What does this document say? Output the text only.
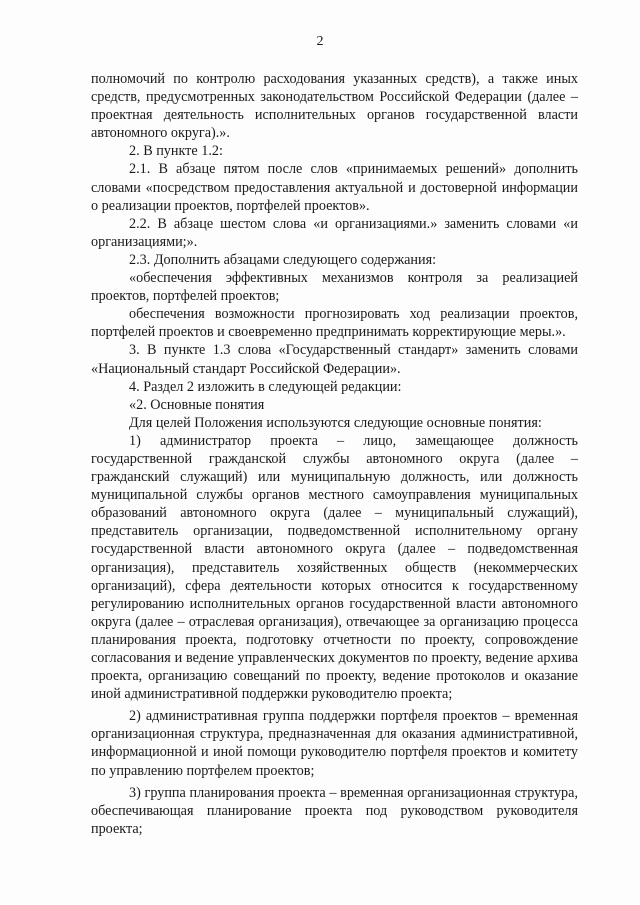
2

полномочий по контролю расходования указанных средств), а также иных средств, предусмотренных законодательством Российской Федерации (далее – проектная деятельность исполнительных органов государственной власти автономного округа).».

2. В пункте 1.2:

2.1. В абзаце пятом после слов «принимаемых решений» дополнить словами «посредством предоставления актуальной и достоверной информации о реализации проектов, портфелей проектов».

2.2. В абзаце шестом слова «и организациями.» заменить словами «и организациями;».

2.3. Дополнить абзацами следующего содержания:

«обеспечения эффективных механизмов контроля за реализацией проектов, портфелей проектов;

обеспечения возможности прогнозировать ход реализации проектов, портфелей проектов и своевременно предпринимать корректирующие меры.».

3. В пункте 1.3 слова «Государственный стандарт» заменить словами «Национальный стандарт Российской Федерации».

4. Раздел 2 изложить в следующей редакции:

«2. Основные понятия

Для целей Положения используются следующие основные понятия:

1) администратор проекта – лицо, замещающее должность государственной гражданской службы автономного округа (далее – гражданский служащий) или муниципальную должность, или должность муниципальной службы органов местного самоуправления муниципальных образований автономного округа (далее – муниципальный служащий), представитель организации, подведомственной исполнительному органу государственной власти автономного округа (далее – подведомственная организация), представитель хозяйственных обществ (некоммерческих организаций), сфера деятельности которых относится к государственному регулированию исполнительных органов государственной власти автономного округа (далее – отраслевая организация), отвечающее за организацию процесса планирования проекта, подготовку отчетности по проекту, сопровождение согласования и ведение управленческих документов по проекту, ведение архива проекта, организацию совещаний по проекту, ведение протоколов и оказание иной административной поддержки руководителю проекта;

2) административная группа поддержки портфеля проектов – временная организационная структура, предназначенная для оказания административной, информационной и иной помощи руководителю портфеля проектов и комитету по управлению портфелем проектов;

3) группа планирования проекта – временная организационная структура, обеспечивающая планирование проекта под руководством руководителя проекта;
